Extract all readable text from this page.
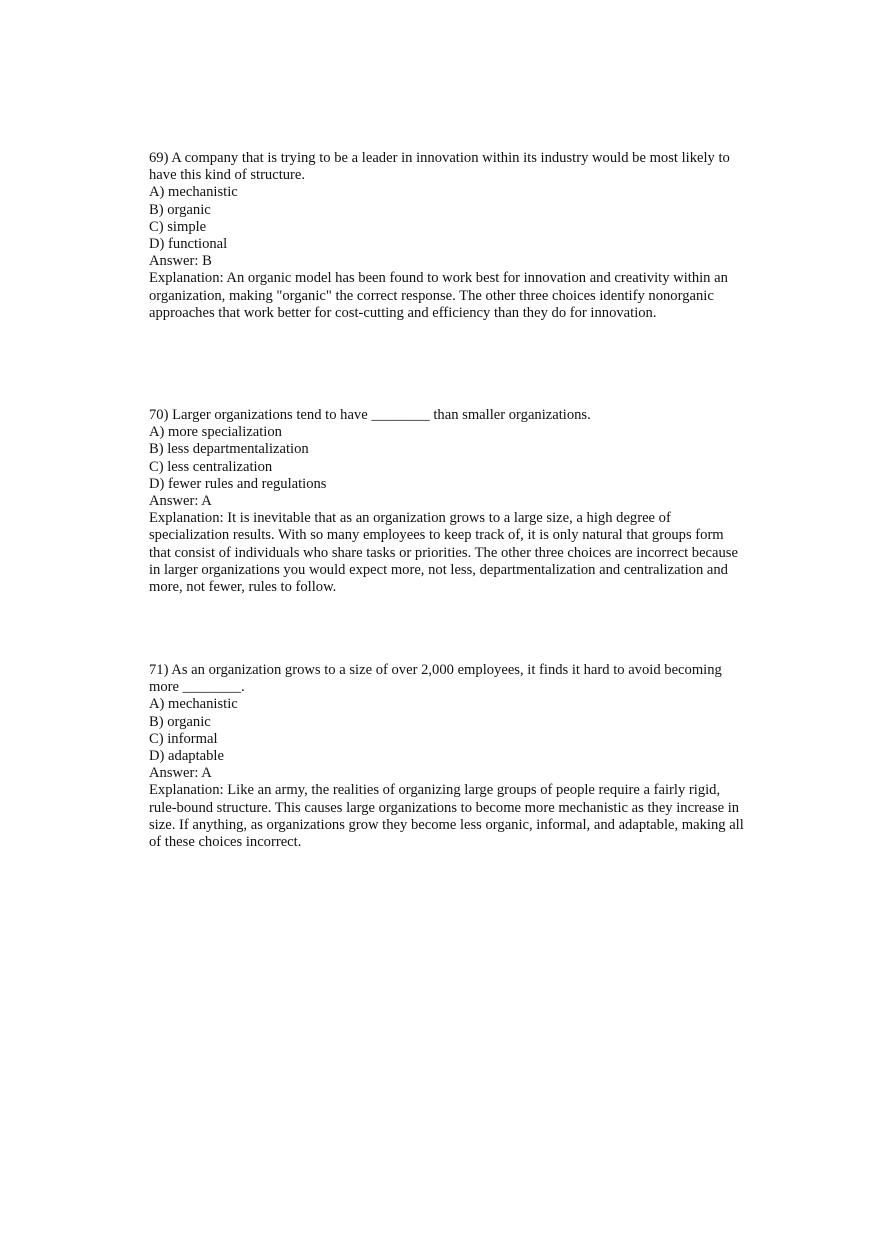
69) A company that is trying to be a leader in innovation within its industry would be most likely to have this kind of structure.

A) mechanistic

B) organic

C) simple

D) functional

Answer: B

Explanation: An organic model has been found to work best for innovation and creativity within an organization, making "organic" the correct response. The other three choices identify nonorganic approaches that work better for cost-cutting and efficiency than they do for innovation.

70) Larger organizations tend to have ________ than smaller organizations.

A) more specialization

B) less departmentalization

C) less centralization

D) fewer rules and regulations

Answer: A

Explanation: It is inevitable that as an organization grows to a large size, a high degree of specialization results. With so many employees to keep track of, it is only natural that groups form that consist of individuals who share tasks or priorities. The other three choices are incorrect because in larger organizations you would expect more, not less, departmentalization and centralization and more, not fewer, rules to follow.

71) As an organization grows to a size of over 2,000 employees, it finds it hard to avoid becoming more ________.

A) mechanistic

B) organic

C) informal

D) adaptable

Answer: A

Explanation: Like an army, the realities of organizing large groups of people require a fairly rigid, rule-bound structure. This causes large organizations to become more mechanistic as they increase in size. If anything, as organizations grow they become less organic, informal, and adaptable, making all of these choices incorrect.
